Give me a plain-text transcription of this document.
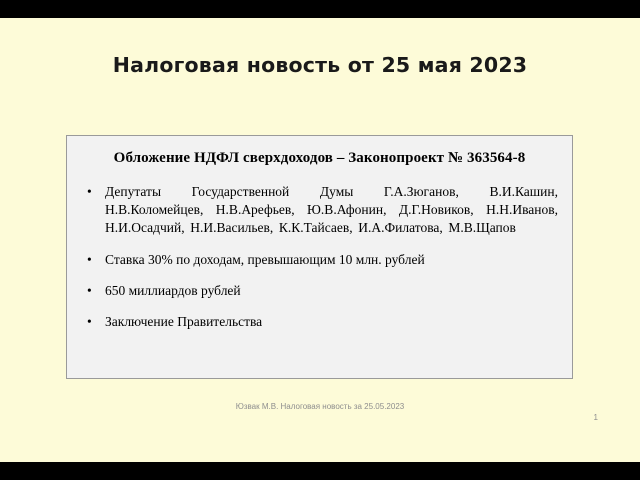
Налоговая новость от 25 мая 2023
Обложение НДФЛ сверхдоходов – Законопроект № 363564-8
• Депутаты Государственной Думы Г.А.Зюганов, В.И.Кашин, Н.В.Коломейцев, Н.В.Арефьев, Ю.В.Афонин, Д.Г.Новиков, Н.Н.Иванов, Н.И.Осадчий, Н.И.Васильев, К.К.Тайсаев, И.А.Филатова, М.В.Щапов
• Ставка 30% по доходам, превышающим 10 млн. рублей
• 650 миллиардов рублей
• Заключение Правительства
Юзвак М.В. Налоговая новость за 25.05.2023
1
